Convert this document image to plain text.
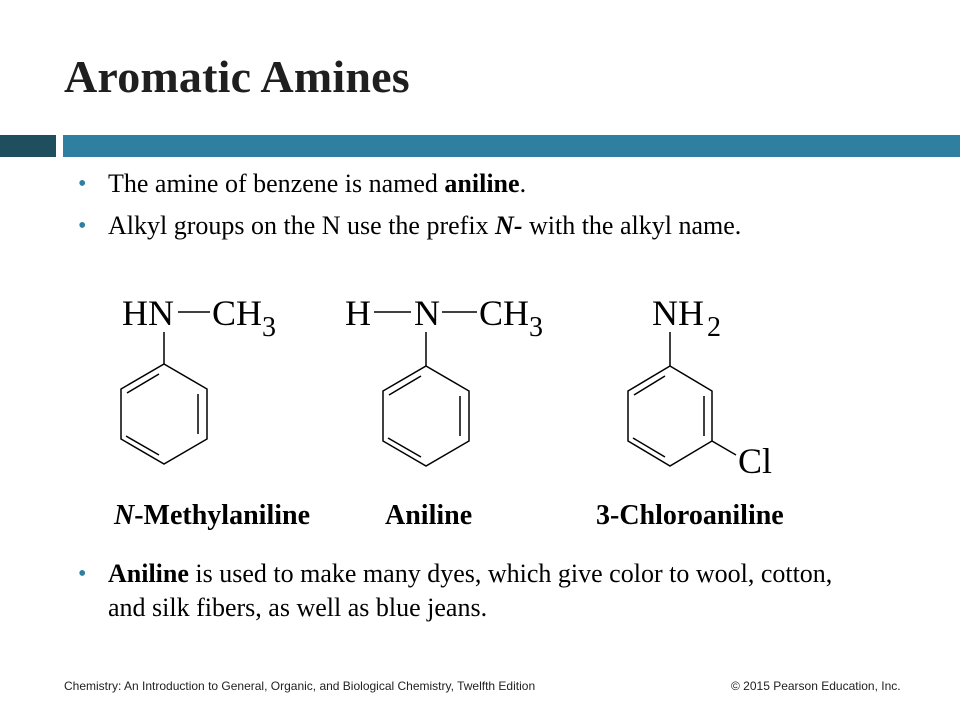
Aromatic Amines
• The amine of benzene is named aniline.
• Alkyl groups on the N use the prefix N- with the alkyl name.
HN CH 3 H N CH 3	NH 2
Cl
N-Methylaniline	Aniline	3-Chloroaniline
• Aniline is used to make many dyes, which give color to wool, cotton, and silk fibers, as well as blue jeans.
Chemistry: An Introduction to General, Organic, and Biological Chemistry, Twelfth Edition	© 2015 Pearson Education, Inc.
